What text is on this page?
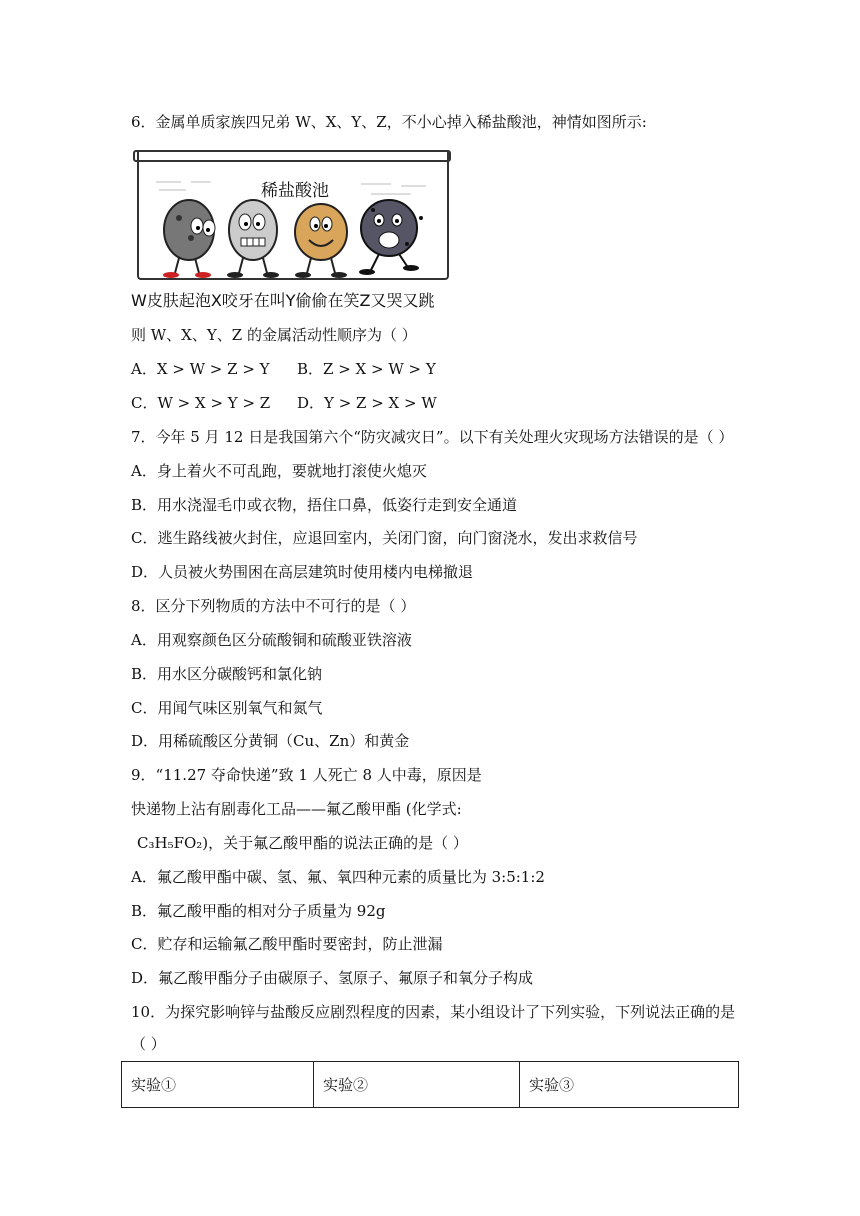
6．金属单质家族四兄弟 W、X、Y、Z，不小心掉入稀盐酸池，神情如图所示:
稀盐酸池
W皮肤起泡X咬牙在叫Y偷偷在笑Z又哭又跳
则 W、X、Y、Z 的金属活动性顺序为（ ）
A．X > W > Z > Y B．Z > X > W > Y
C．W > X > Y > Z D．Y > Z > X > W
7．今年 5 月 12 日是我国第六个“防灾减灾日”。以下有关处理火灾现场方法错误的是（ ）
A．身上着火不可乱跑，要就地打滚使火熄灭
B．用水浇湿毛巾或衣物，捂住口鼻，低姿行走到安全通道
C．逃生路线被火封住，应退回室内，关闭门窗，向门窗浇水，发出求救信号
D．人员被火势围困在高层建筑时使用楼内电梯撤退
8．区分下列物质的方法中不可行的是（ ）
A．用观察颜色区分硫酸铜和硫酸亚铁溶液
B．用水区分碳酸钙和氯化钠
C．用闻气味区别氧气和氮气
D．用稀硫酸区分黄铜（Cu、Zn）和黄金
9．“11.27 夺命快递”致 1 人死亡 8 人中毒，原因是
快递物上沾有剧毒化工品——氟乙酸甲酯 (化学式:
C₃H₅FO₂)，关于氟乙酸甲酯的说法正确的是（ ）
A．氟乙酸甲酯中碳、氢、氟、氧四种元素的质量比为 3:5:1:2
B．氟乙酸甲酯的相对分子质量为 92g
C．贮存和运输氟乙酸甲酯时要密封，防止泄漏
D．氟乙酸甲酯分子由碳原子、氢原子、氟原子和氧分子构成
10．为探究影响锌与盐酸反应剧烈程度的因素，某小组设计了下列实验，下列说法正确的是
（ ）
实验①	实验②	实验③
